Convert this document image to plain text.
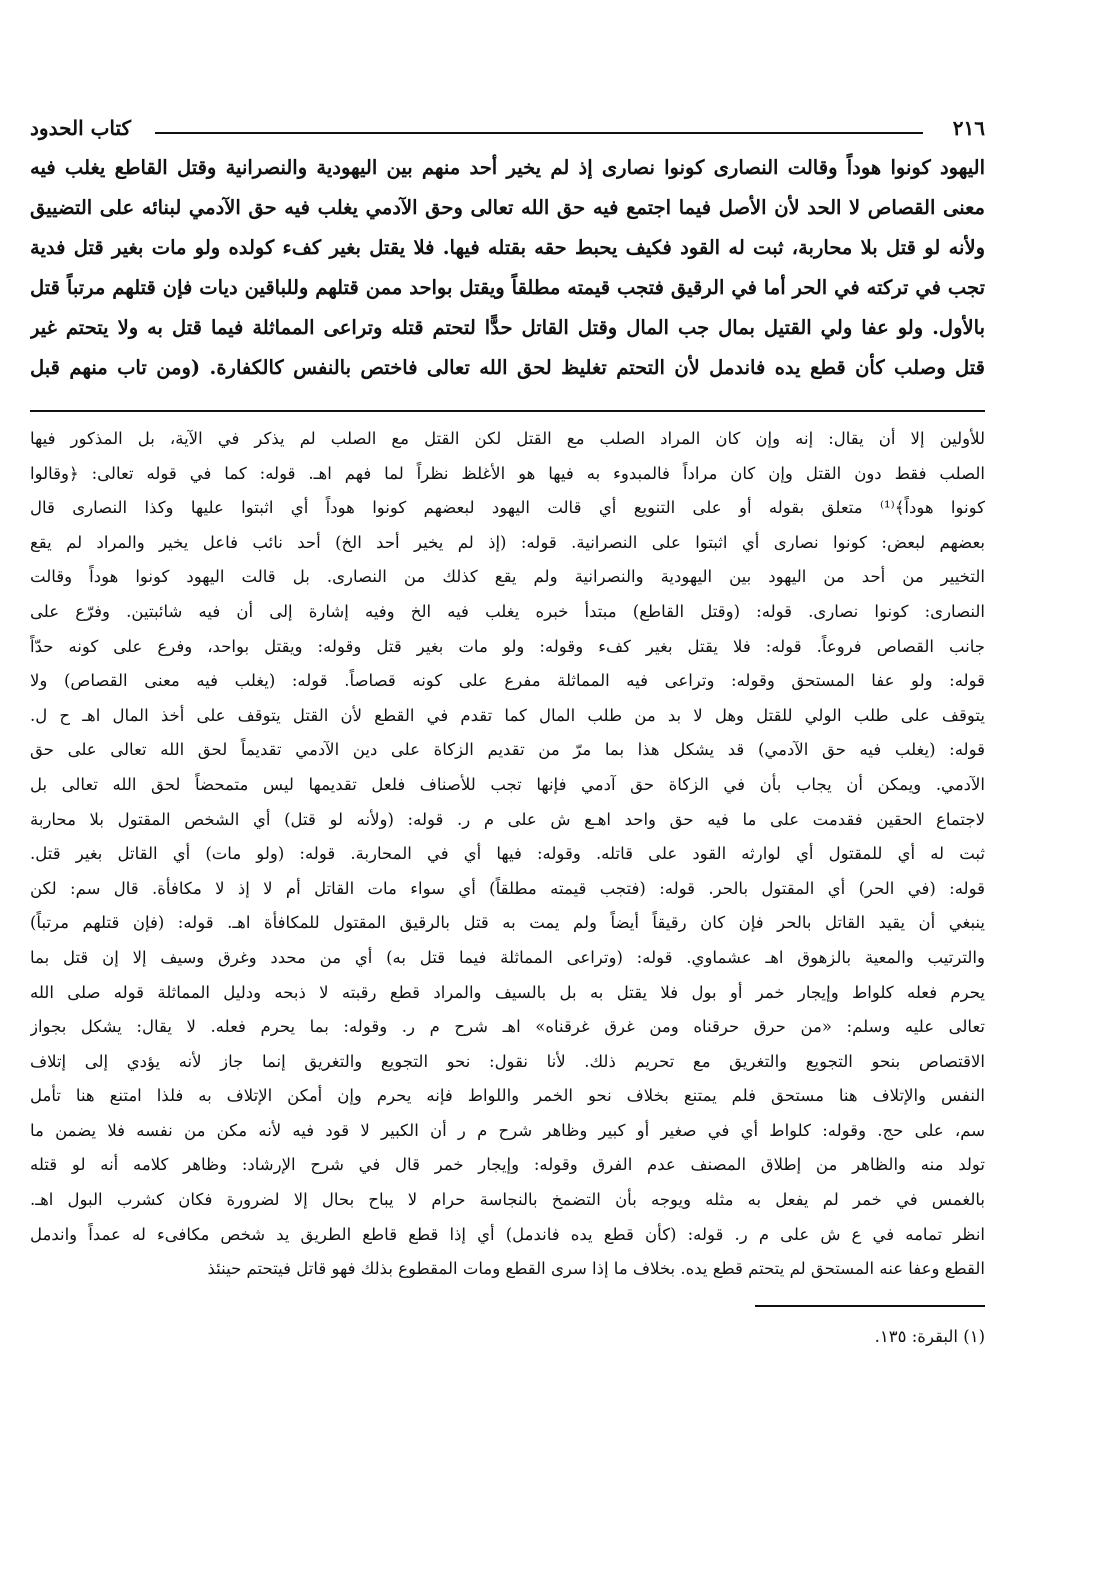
٢١٦
كتاب الحدود
اليهود كونوا هوداً وقالت النصارى كونوا نصارى إذ لم يخير أحد منهم بين اليهودية والنصرانية وقتل القاطع يغلب فيه
معنى القصاص لا الحد لأن الأصل فيما اجتمع فيه حق الله تعالى وحق الآدمي يغلب فيه حق الآدمي لبنائه على التضييق
ولأنه لو قتل بلا محاربة، ثبت له القود فكيف يحبط حقه بقتله فيها. فلا يقتل بغير كفء كولده ولو مات بغير قتل فدية
تجب في تركته في الحر أما في الرقيق فتجب قيمته مطلقاً ويقتل بواحد ممن قتلهم وللباقين ديات فإن قتلهم مرتباً قتل
بالأول. ولو عفا ولي القتيل بمال جب المال وقتل القاتل حدًّا لتحتم قتله وتراعى المماثلة فيما قتل به ولا يتحتم غير
قتل وصلب كأن قطع يده فاندمل لأن التحتم تغليظ لحق الله تعالى فاختص بالنفس كالكفارة. (ومن تاب منهم قبل
للأولين إلا أن يقال: إنه وإن كان المراد الصلب مع القتل لكن القتل مع الصلب لم يذكر في الآية، بل المذكور فيها
الصلب فقط دون القتل وإن كان مراداً فالمبدوء به فيها هو الأغلظ نظراً لما فهم اهـ. قوله: كما في قوله تعالى: ﴿وقالوا
كونوا هوداً﴾⁽¹⁾ متعلق بقوله أو على التنويع أي قالت اليهود لبعضهم كونوا هوداً أي اثبتوا عليها وكذا النصارى قال
بعضهم لبعض: كونوا نصارى أي اثبتوا على النصرانية. قوله: (إذ لم يخير أحد الخ) أحد نائب فاعل يخير والمراد لم يقع
التخيير من أحد من اليهود بين اليهودية والنصرانية ولم يقع كذلك من النصارى. بل قالت اليهود كونوا هوداً وقالت
النصارى: كونوا نصارى. قوله: (وقتل القاطع) مبتدأ خبره يغلب فيه الخ وفيه إشارة إلى أن فيه شائبتين. وفرّع على
جانب القصاص فروعاً. قوله: فلا يقتل بغير كفء وقوله: ولو مات بغير قتل وقوله: ويقتل بواحد، وفرع على كونه حدّاً
قوله: ولو عفا المستحق وقوله: وتراعى فيه المماثلة مفرع على كونه قصاصاً. قوله: (يغلب فيه معنى القصاص) ولا
يتوقف على طلب الولي للقتل وهل لا بد من طلب المال كما تقدم في القطع لأن القتل يتوقف على أخذ المال اهـ ح ل.
قوله: (يغلب فيه حق الآدمي) قد يشكل هذا بما مرّ من تقديم الزكاة على دين الآدمي تقديماً لحق الله تعالى على حق
الآدمي. ويمكن أن يجاب بأن في الزكاة حق آدمي فإنها تجب للأصناف فلعل تقديمها ليس متمحضاً لحق الله تعالى بل
لاجتماع الحقين فقدمت على ما فيه حق واحد اهـع ش على م ر. قوله: (ولأنه لو قتل) أي الشخص المقتول بلا محاربة
ثبت له أي للمقتول أي لوارثه القود على قاتله. وقوله: فيها أي في المحاربة. قوله: (ولو مات) أي القاتل بغير قتل.
قوله: (في الحر) أي المقتول بالحر. قوله: (فتجب قيمته مطلقاً) أي سواء مات القاتل أم لا إذ لا مكافأة. قال سم: لكن
ينبغي أن يقيد القاتل بالحر فإن كان رقيقاً أيضاً ولم يمت به قتل بالرقيق المقتول للمكافأة اهـ. قوله: (فإن قتلهم مرتباً)
والترتيب والمعية بالزهوق اهـ عشماوي. قوله: (وتراعى المماثلة فيما قتل به) أي من محدد وغرق وسيف إلا إن قتل بما
يحرم فعله كلواط وإيجار خمر أو بول فلا يقتل به بل بالسيف والمراد قطع رقبته لا ذبحه ودليل المماثلة قوله صلى الله
تعالى عليه وسلم: «من حرق حرقناه ومن غرق غرقناه» اهـ شرح م ر. وقوله: بما يحرم فعله. لا يقال: يشكل بجواز
الاقتصاص بنحو التجويع والتغريق مع تحريم ذلك. لأنا نقول: نحو التجويع والتغريق إنما جاز لأنه يؤدي إلى إتلاف
النفس والإتلاف هنا مستحق فلم يمتنع بخلاف نحو الخمر واللواط فإنه يحرم وإن أمكن الإتلاف به فلذا امتنع هنا تأمل
سم، على حج. وقوله: كلواط أي في صغير أو كبير وظاهر شرح م ر أن الكبير لا قود فيه لأنه مكن من نفسه فلا يضمن ما
تولد منه والظاهر من إطلاق المصنف عدم الفرق وقوله: وإيجار خمر قال في شرح الإرشاد: وظاهر كلامه أنه لو قتله
بالغمس في خمر لم يفعل به مثله ويوجه بأن التضمخ بالنجاسة حرام لا يباح بحال إلا لضرورة فكان كشرب البول اهـ.
انظر تمامه في ع ش على م ر. قوله: (كأن قطع يده فاندمل) أي إذا قطع قاطع الطريق يد شخص مكافىء له عمداً واندمل
القطع وعفا عنه المستحق لم يتحتم قطع يده. بخلاف ما إذا سرى القطع ومات المقطوع بذلك فهو قاتل فيتحتم حينئذ
(١) البقرة: ١٣٥.
